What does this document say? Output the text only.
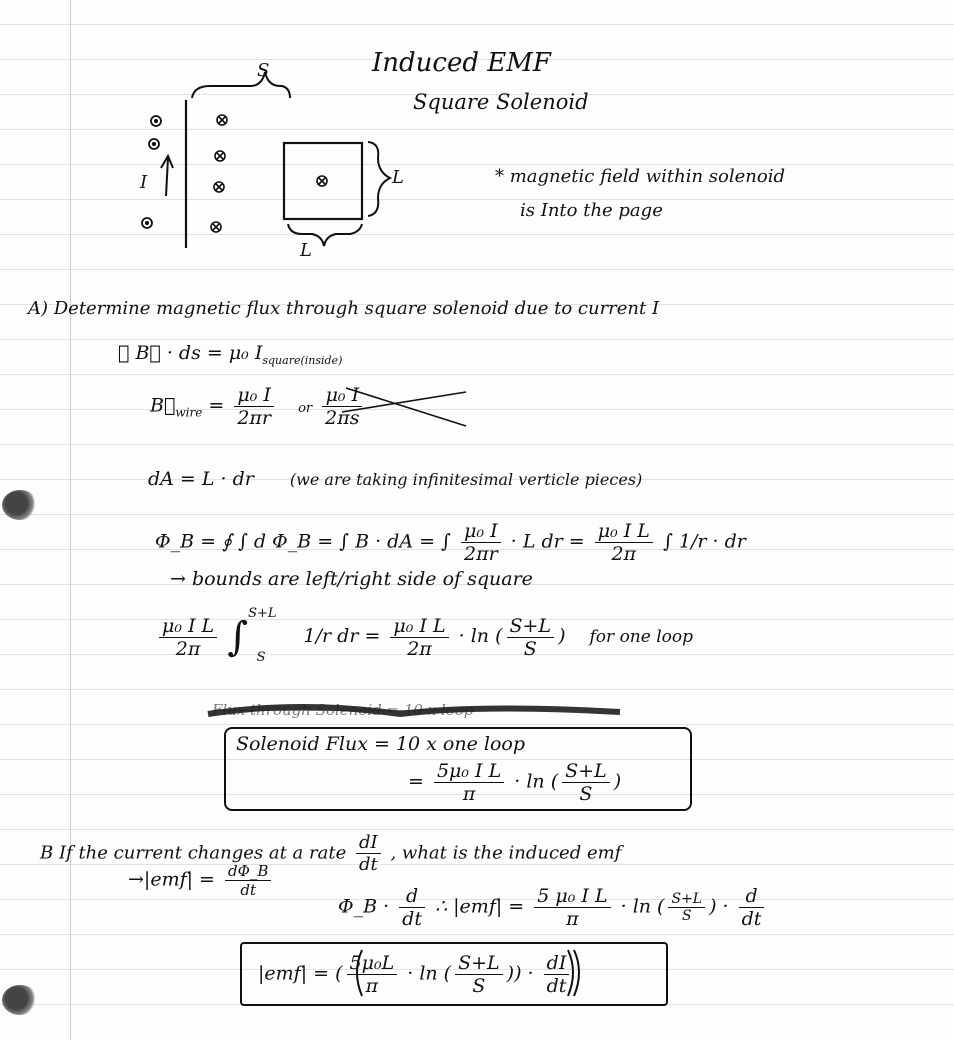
Induced EMF
Square Solenoid
S
L
L
I	* magnetic field within solenoid
is Into the page
A) Determine magnetic flux through square solenoid due to current I
∮ B⃗ · ds = μ₀ $I_{square(inside)}$
$B⃗_{wire} = \frac{\text{μ₀ I}}{2\pi r}$ or $\frac{\text{μ₀ I}}{2\pi s}$
dA = L · dr (we are taking infinitesimal verticle pieces)
Φ_B = ∮ ∫ d Φ_B = ∫ B · dA = ∫ $\frac{\text{μ₀ I}}{2\pi r} \cdot L$ dr = $\frac{\text{μ₀ I L}}{2\pi}$ ∫ 1/r · dr
→ bounds are left/right side of square
$\frac{\text{μ₀ I L}}{2\pi}$ ∫ $^{S+L}$ $_S$ 1/r dr = $\frac{\text{μ₀ I L}}{2\pi} \cdot \ln$ ( $\frac{S+L}{S}$ ) for one loop
Flux through Solenoid = 10 x loop
Solenoid Flux = 10 x one loop
= $\frac{\text{5μ₀ I L}}{\pi} \cdot \ln$ ( $\frac{S+L}{S}$ )
B If the current changes at a rate $\frac{dI}{dt}$ , what is the induced emf
$\to|emf| = \frac{d\Phi\_B}{dt}$
Φ_B · $\frac{d}{dt}$ ∴ $|emf| = \frac{\text{5 μ₀ I L}}{\pi} \cdot \ln$ ( $\frac{S+L}{S}$ ) · $\frac{d}{dt}$
|emf| = ( $\frac{\text{5μ₀L}}{\pi} \cdot \ln$ ( $\frac{S+L}{S}$ )) · $\frac{dI}{dt}$
